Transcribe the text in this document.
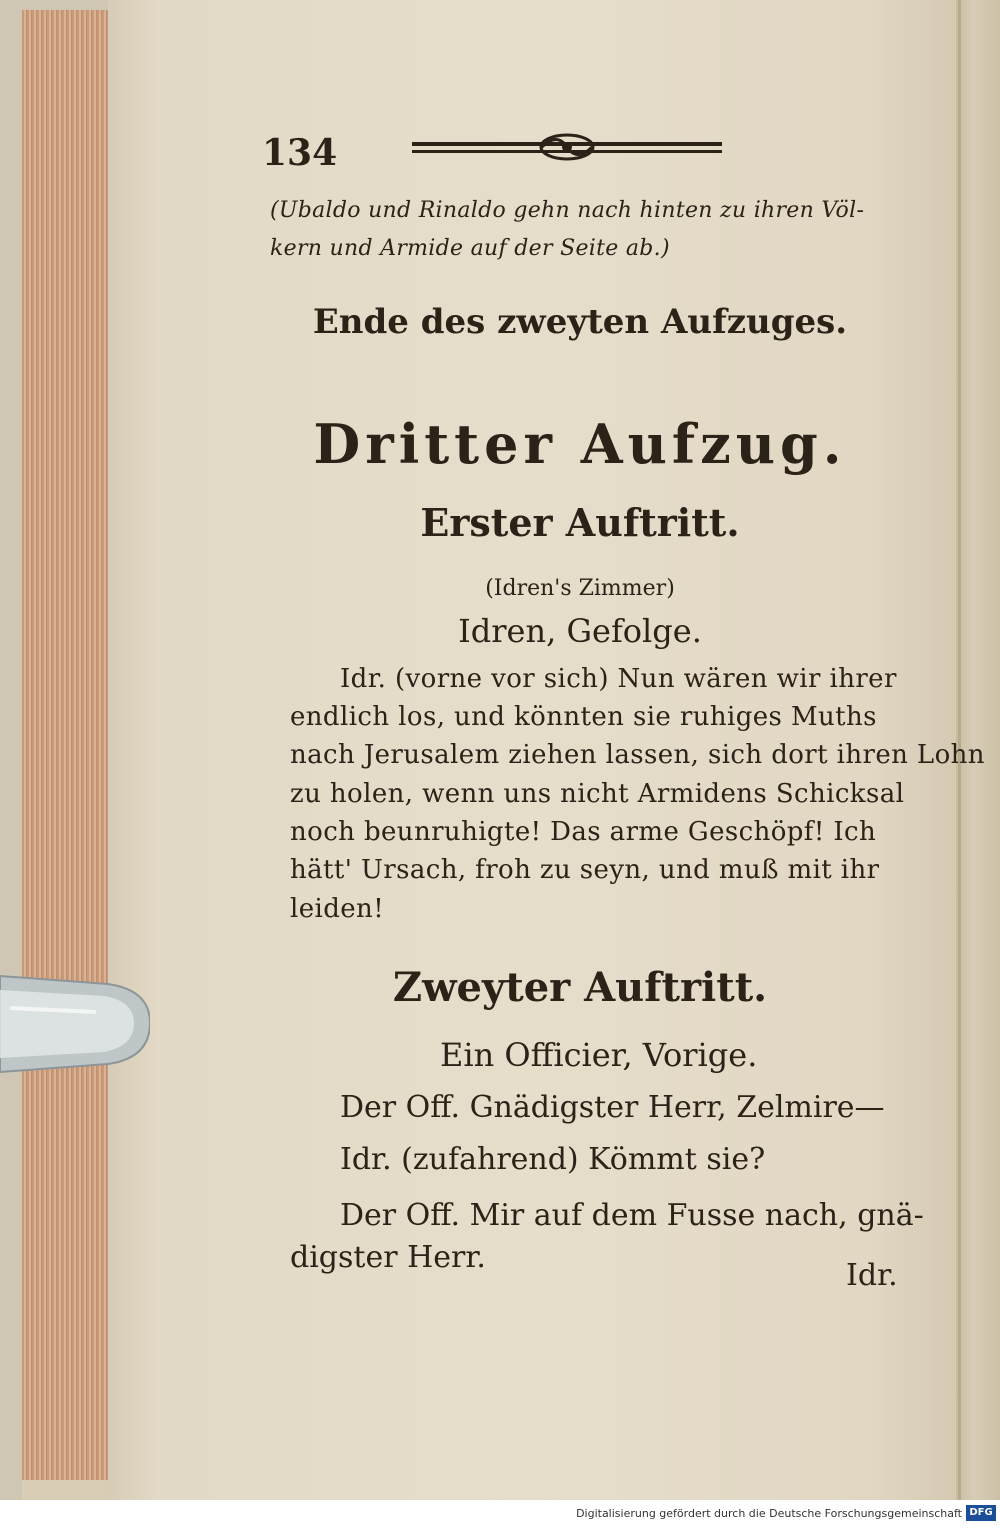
134
(Ubaldo und Rinaldo gehn nach hinten zu ihren Völ-
kern und Armide auf der Seite ab.)
Ende des zweyten Aufzuges.
Dritter Aufzug.
Erster Auftritt.
(Idren's Zimmer)
Idren, Gefolge.
Idr. (vorne vor sich) Nun wären wir ihrer
endlich los, und könnten sie ruhiges Muths
nach Jerusalem ziehen lassen, sich dort ihren Lohn
zu holen, wenn uns nicht Armidens Schicksal
noch beunruhigte! Das arme Geschöpf! Ich
hätt' Ursach, froh zu seyn, und muß mit ihr
leiden!
Zweyter Auftritt.
Ein Officier, Vorige.
Der Off. Gnädigster Herr, Zelmire—
Idr. (zufahrend) Kömmt sie?
Der Off. Mir auf dem Fusse nach, gnä-
digster Herr.
Idr.
Digitalisierung gefördert durch die Deutsche Forschungsgemeinschaft DFG
